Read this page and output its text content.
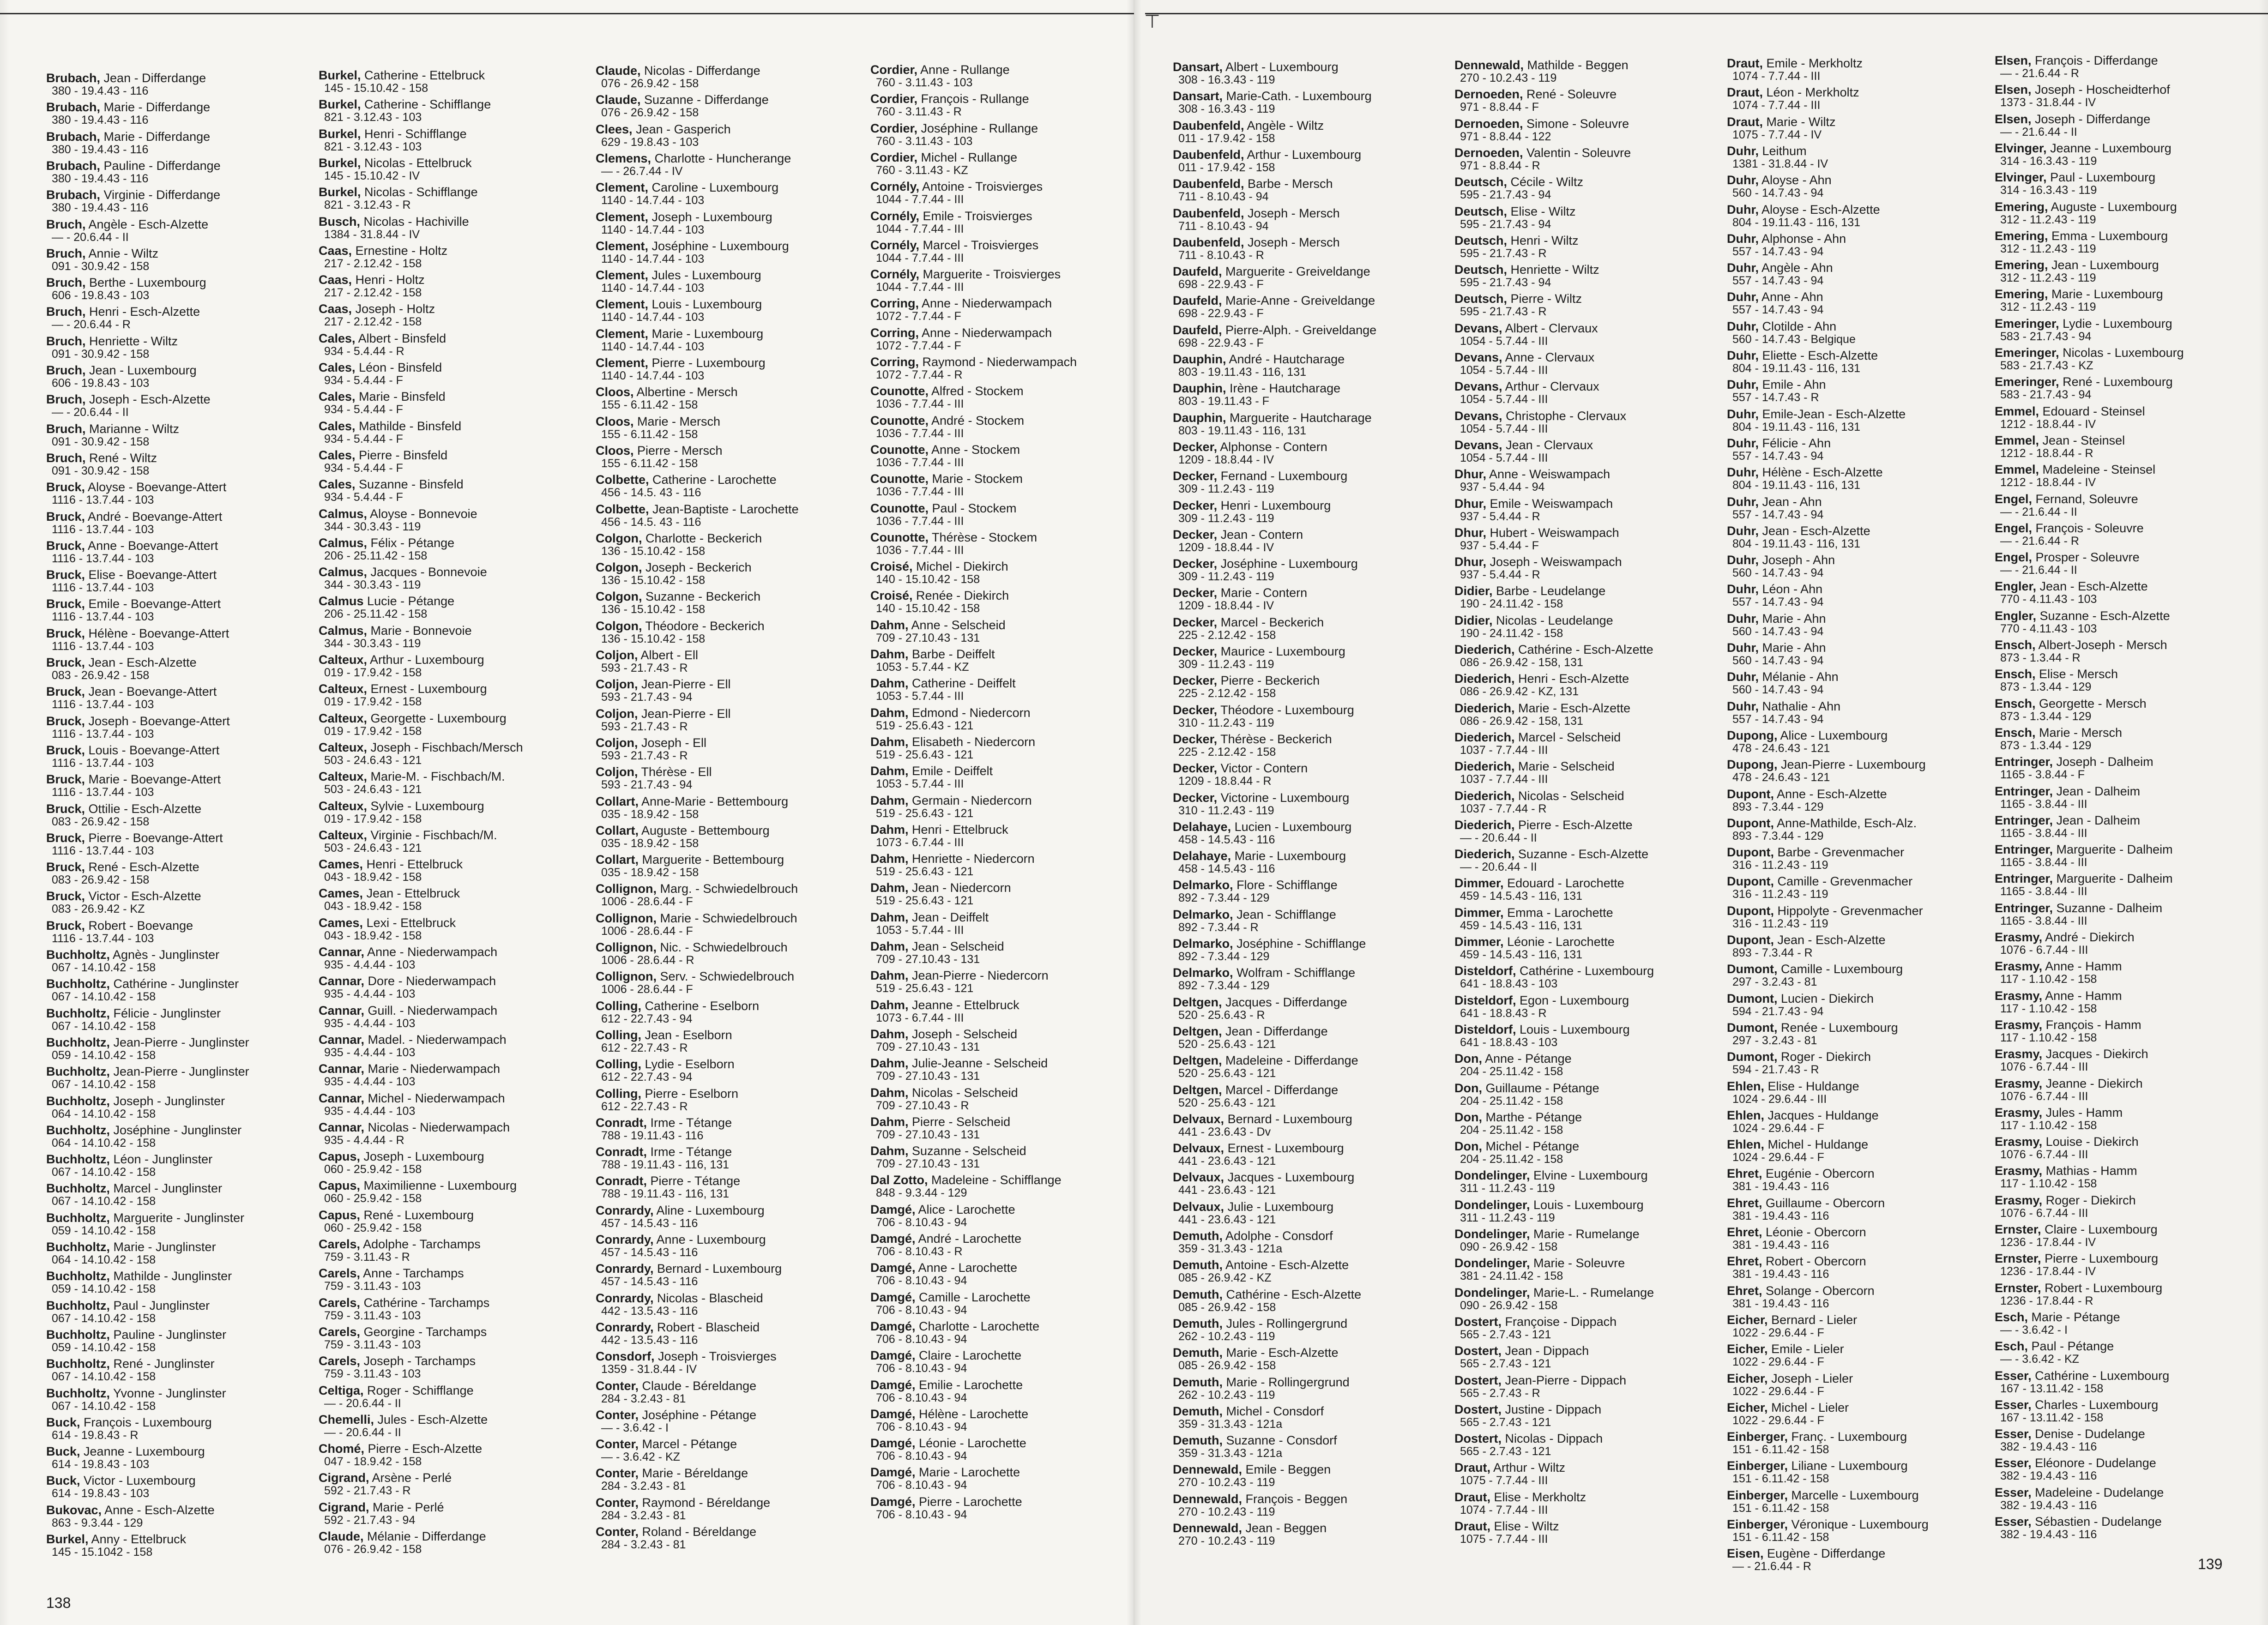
⊤
Brubach, Jean - Differdange
380 - 19.4.43 - 116
Brubach, Marie - Differdange
380 - 19.4.43 - 116
Brubach, Marie - Differdange
380 - 19.4.43 - 116
Brubach, Pauline - Differdange
380 - 19.4.43 - 116
Brubach, Virginie - Differdange
380 - 19.4.43 - 116
Bruch, Angèle - Esch-Alzette
— - 20.6.44 - II
Bruch, Annie - Wiltz
091 - 30.9.42 - 158
Bruch, Berthe - Luxembourg
606 - 19.8.43 - 103
Bruch, Henri - Esch-Alzette
— - 20.6.44 - R
Bruch, Henriette - Wiltz
091 - 30.9.42 - 158
Bruch, Jean - Luxembourg
606 - 19.8.43 - 103
Bruch, Joseph - Esch-Alzette
— - 20.6.44 - II
Bruch, Marianne - Wiltz
091 - 30.9.42 - 158
Bruch, René - Wiltz
091 - 30.9.42 - 158
Bruck, Aloyse - Boevange-Attert
1116 - 13.7.44 - 103
Bruck, André - Boevange-Attert
1116 - 13.7.44 - 103
Bruck, Anne - Boevange-Attert
1116 - 13.7.44 - 103
Bruck, Elise - Boevange-Attert
1116 - 13.7.44 - 103
Bruck, Emile - Boevange-Attert
1116 - 13.7.44 - 103
Bruck, Hélène - Boevange-Attert
1116 - 13.7.44 - 103
Bruck, Jean - Esch-Alzette
083 - 26.9.42 - 158
Bruck, Jean - Boevange-Attert
1116 - 13.7.44 - 103
Bruck, Joseph - Boevange-Attert
1116 - 13.7.44 - 103
Bruck, Louis - Boevange-Attert
1116 - 13.7.44 - 103
Bruck, Marie - Boevange-Attert
1116 - 13.7.44 - 103
Bruck, Ottilie - Esch-Alzette
083 - 26.9.42 - 158
Bruck, Pierre - Boevange-Attert
1116 - 13.7.44 - 103
Bruck, René - Esch-Alzette
083 - 26.9.42 - 158
Bruck, Victor - Esch-Alzette
083 - 26.9.42 - KZ
Bruck, Robert - Boevange
1116 - 13.7.44 - 103
Buchholtz, Agnès - Junglinster
067 - 14.10.42 - 158
Buchholtz, Cathérine - Junglinster
067 - 14.10.42 - 158
Buchholtz, Félicie - Junglinster
067 - 14.10.42 - 158
Buchholtz, Jean-Pierre - Junglinster
059 - 14.10.42 - 158
Buchholtz, Jean-Pierre - Junglinster
067 - 14.10.42 - 158
Buchholtz, Joseph - Junglinster
064 - 14.10.42 - 158
Buchholtz, Joséphine - Junglinster
064 - 14.10.42 - 158
Buchholtz, Léon - Junglinster
067 - 14.10.42 - 158
Buchholtz, Marcel - Junglinster
067 - 14.10.42 - 158
Buchholtz, Marguerite - Junglinster
059 - 14.10.42 - 158
Buchholtz, Marie - Junglinster
064 - 14.10.42 - 158
Buchholtz, Mathilde - Junglinster
059 - 14.10.42 - 158
Buchholtz, Paul - Junglinster
067 - 14.10.42 - 158
Buchholtz, Pauline - Junglinster
059 - 14.10.42 - 158
Buchholtz, René - Junglinster
067 - 14.10.42 - 158
Buchholtz, Yvonne - Junglinster
067 - 14.10.42 - 158
Buck, François - Luxembourg
614 - 19.8.43 - R
Buck, Jeanne - Luxembourg
614 - 19.8.43 - 103
Buck, Victor - Luxembourg
614 - 19.8.43 - 103
Bukovac, Anne - Esch-Alzette
863 - 9.3.44 - 129
Burkel, Anny - Ettelbruck
145 - 15.1042 - 158
Burkel, Catherine - Ettelbruck
145 - 15.10.42 - 158
Burkel, Catherine - Schifflange
821 - 3.12.43 - 103
Burkel, Henri - Schifflange
821 - 3.12.43 - 103
Burkel, Nicolas - Ettelbruck
145 - 15.10.42 - IV
Burkel, Nicolas - Schifflange
821 - 3.12.43 - R
Busch, Nicolas - Hachiville
1384 - 31.8.44 - IV
Caas, Ernestine - Holtz
217 - 2.12.42 - 158
Caas, Henri - Holtz
217 - 2.12.42 - 158
Caas, Joseph - Holtz
217 - 2.12.42 - 158
Cales, Albert - Binsfeld
934 - 5.4.44 - R
Cales, Léon - Binsfeld
934 - 5.4.44 - F
Cales, Marie - Binsfeld
934 - 5.4.44 - F
Cales, Mathilde - Binsfeld
934 - 5.4.44 - F
Cales, Pierre - Binsfeld
934 - 5.4.44 - F
Cales, Suzanne - Binsfeld
934 - 5.4.44 - F
Calmus, Aloyse - Bonnevoie
344 - 30.3.43 - 119
Calmus, Félix - Pétange
206 - 25.11.42 - 158
Calmus, Jacques - Bonnevoie
344 - 30.3.43 - 119
Calmus Lucie - Pétange
206 - 25.11.42 - 158
Calmus, Marie - Bonnevoie
344 - 30.3.43 - 119
Calteux, Arthur - Luxembourg
019 - 17.9.42 - 158
Calteux, Ernest - Luxembourg
019 - 17.9.42 - 158
Calteux, Georgette - Luxembourg
019 - 17.9.42 - 158
Calteux, Joseph - Fischbach/Mersch
503 - 24.6.43 - 121
Calteux, Marie-M. - Fischbach/M.
503 - 24.6.43 - 121
Calteux, Sylvie - Luxembourg
019 - 17.9.42 - 158
Calteux, Virginie - Fischbach/M.
503 - 24.6.43 - 121
Cames, Henri - Ettelbruck
043 - 18.9.42 - 158
Cames, Jean - Ettelbruck
043 - 18.9.42 - 158
Cames, Lexi - Ettelbruck
043 - 18.9.42 - 158
Cannar, Anne - Niederwampach
935 - 4.4.44 - 103
Cannar, Dore - Niederwampach
935 - 4.4.44 - 103
Cannar, Guill. - Niederwampach
935 - 4.4.44 - 103
Cannar, Madel. - Niederwampach
935 - 4.4.44 - 103
Cannar, Marie - Niederwampach
935 - 4.4.44 - 103
Cannar, Michel - Niederwampach
935 - 4.4.44 - 103
Cannar, Nicolas - Niederwampach
935 - 4.4.44 - R
Capus, Joseph - Luxembourg
060 - 25.9.42 - 158
Capus, Maximilienne - Luxembourg
060 - 25.9.42 - 158
Capus, René - Luxembourg
060 - 25.9.42 - 158
Carels, Adolphe - Tarchamps
759 - 3.11.43 - R
Carels, Anne - Tarchamps
759 - 3.11.43 - 103
Carels, Cathérine - Tarchamps
759 - 3.11.43 - 103
Carels, Georgine - Tarchamps
759 - 3.11.43 - 103
Carels, Joseph - Tarchamps
759 - 3.11.43 - 103
Celtiga, Roger - Schifflange
— - 20.6.44 - II
Chemelli, Jules - Esch-Alzette
— - 20.6.44 - II
Chomé, Pierre - Esch-Alzette
047 - 18.9.42 - 158
Cigrand, Arsène - Perlé
592 - 21.7.43 - R
Cigrand, Marie - Perlé
592 - 21.7.43 - 94
Claude, Mélanie - Differdange
076 - 26.9.42 - 158
Claude, Nicolas - Differdange
076 - 26.9.42 - 158
Claude, Suzanne - Differdange
076 - 26.9.42 - 158
Clees, Jean - Gasperich
629 - 19.8.43 - 103
Clemens, Charlotte - Huncherange
— - 26.7.44 - IV
Clement, Caroline - Luxembourg
1140 - 14.7.44 - 103
Clement, Joseph - Luxembourg
1140 - 14.7.44 - 103
Clement, Joséphine - Luxembourg
1140 - 14.7.44 - 103
Clement, Jules - Luxembourg
1140 - 14.7.44 - 103
Clement, Louis - Luxembourg
1140 - 14.7.44 - 103
Clement, Marie - Luxembourg
1140 - 14.7.44 - 103
Clement, Pierre - Luxembourg
1140 - 14.7.44 - 103
Cloos, Albertine - Mersch
155 - 6.11.42 - 158
Cloos, Marie - Mersch
155 - 6.11.42 - 158
Cloos, Pierre - Mersch
155 - 6.11.42 - 158
Colbette, Catherine - Larochette
456 - 14.5. 43 - 116
Colbette, Jean-Baptiste - Larochette
456 - 14.5. 43 - 116
Colgon, Charlotte - Beckerich
136 - 15.10.42 - 158
Colgon, Joseph - Beckerich
136 - 15.10.42 - 158
Colgon, Suzanne - Beckerich
136 - 15.10.42 - 158
Colgon, Théodore - Beckerich
136 - 15.10.42 - 158
Coljon, Albert - Ell
593 - 21.7.43 - R
Coljon, Jean-Pierre - Ell
593 - 21.7.43 - 94
Coljon, Jean-Pierre - Ell
593 - 21.7.43 - R
Coljon, Joseph - Ell
593 - 21.7.43 - R
Coljon, Thérèse - Ell
593 - 21.7.43 - 94
Collart, Anne-Marie - Bettembourg
035 - 18.9.42 - 158
Collart, Auguste - Bettembourg
035 - 18.9.42 - 158
Collart, Marguerite - Bettembourg
035 - 18.9.42 - 158
Collignon, Marg. - Schwiedelbrouch
1006 - 28.6.44 - F
Collignon, Marie - Schwiedelbrouch
1006 - 28.6.44 - F
Collignon, Nic. - Schwiedelbrouch
1006 - 28.6.44 - R
Collignon, Serv. - Schwiedelbrouch
1006 - 28.6.44 - F
Colling, Catherine - Eselborn
612 - 22.7.43 - 94
Colling, Jean - Eselborn
612 - 22.7.43 - R
Colling, Lydie - Eselborn
612 - 22.7.43 - 94
Colling, Pierre - Eselborn
612 - 22.7.43 - R
Conradt, Irme - Tétange
788 - 19.11.43 - 116
Conradt, Irme - Tétange
788 - 19.11.43 - 116, 131
Conradt, Pierre - Tétange
788 - 19.11.43 - 116, 131
Conrardy, Aline - Luxembourg
457 - 14.5.43 - 116
Conrardy, Anne - Luxembourg
457 - 14.5.43 - 116
Conrardy, Bernard - Luxembourg
457 - 14.5.43 - 116
Conrardy, Nicolas - Blascheid
442 - 13.5.43 - 116
Conrardy, Robert - Blascheid
442 - 13.5.43 - 116
Consdorf, Joseph - Troisvierges
1359 - 31.8.44 - IV
Conter, Claude - Béreldange
284 - 3.2.43 - 81
Conter, Joséphine - Pétange
— - 3.6.42 - I
Conter, Marcel - Pétange
— - 3.6.42 - KZ
Conter, Marie - Béreldange
284 - 3.2.43 - 81
Conter, Raymond - Béreldange
284 - 3.2.43 - 81
Conter, Roland - Béreldange
284 - 3.2.43 - 81
Cordier, Anne - Rullange
760 - 3.11.43 - 103
Cordier, François - Rullange
760 - 3.11.43 - R
Cordier, Joséphine - Rullange
760 - 3.11.43 - 103
Cordier, Michel - Rullange
760 - 3.11.43 - KZ
Cornély, Antoine - Troisvierges
1044 - 7.7.44 - III
Cornély, Emile - Troisvierges
1044 - 7.7.44 - III
Cornély, Marcel - Troisvierges
1044 - 7.7.44 - III
Cornély, Marguerite - Troisvierges
1044 - 7.7.44 - III
Corring, Anne - Niederwampach
1072 - 7.7.44 - F
Corring, Anne - Niederwampach
1072 - 7.7.44 - F
Corring, Raymond - Niederwampach
1072 - 7.7.44 - R
Counotte, Alfred - Stockem
1036 - 7.7.44 - III
Counotte, André - Stockem
1036 - 7.7.44 - III
Counotte, Anne - Stockem
1036 - 7.7.44 - III
Counotte, Marie - Stockem
1036 - 7.7.44 - III
Counotte, Paul - Stockem
1036 - 7.7.44 - III
Counotte, Thérèse - Stockem
1036 - 7.7.44 - III
Croisé, Michel - Diekirch
140 - 15.10.42 - 158
Croisé, Renée - Diekirch
140 - 15.10.42 - 158
Dahm, Anne - Selscheid
709 - 27.10.43 - 131
Dahm, Barbe - Deiffelt
1053 - 5.7.44 - KZ
Dahm, Catherine - Deiffelt
1053 - 5.7.44 - III
Dahm, Edmond - Niedercorn
519 - 25.6.43 - 121
Dahm, Elisabeth - Niedercorn
519 - 25.6.43 - 121
Dahm, Emile - Deiffelt
1053 - 5.7.44 - III
Dahm, Germain - Niedercorn
519 - 25.6.43 - 121
Dahm, Henri - Ettelbruck
1073 - 6.7.44 - III
Dahm, Henriette - Niedercorn
519 - 25.6.43 - 121
Dahm, Jean - Niedercorn
519 - 25.6.43 - 121
Dahm, Jean - Deiffelt
1053 - 5.7.44 - III
Dahm, Jean - Selscheid
709 - 27.10.43 - 131
Dahm, Jean-Pierre - Niedercorn
519 - 25.6.43 - 121
Dahm, Jeanne - Ettelbruck
1073 - 6.7.44 - III
Dahm, Joseph - Selscheid
709 - 27.10.43 - 131
Dahm, Julie-Jeanne - Selscheid
709 - 27.10.43 - 131
Dahm, Nicolas - Selscheid
709 - 27.10.43 - R
Dahm, Pierre - Selscheid
709 - 27.10.43 - 131
Dahm, Suzanne - Selscheid
709 - 27.10.43 - 131
Dal Zotto, Madeleine - Schifflange
848 - 9.3.44 - 129
Damgé, Alice - Larochette
706 - 8.10.43 - 94
Damgé, André - Larochette
706 - 8.10.43 - R
Damgé, Anne - Larochette
706 - 8.10.43 - 94
Damgé, Camille - Larochette
706 - 8.10.43 - 94
Damgé, Charlotte - Larochette
706 - 8.10.43 - 94
Damgé, Claire - Larochette
706 - 8.10.43 - 94
Damgé, Emilie - Larochette
706 - 8.10.43 - 94
Damgé, Hélène - Larochette
706 - 8.10.43 - 94
Damgé, Léonie - Larochette
706 - 8.10.43 - 94
Damgé, Marie - Larochette
706 - 8.10.43 - 94
Damgé, Pierre - Larochette
706 - 8.10.43 - 94
Dansart, Albert - Luxembourg
308 - 16.3.43 - 119
Dansart, Marie-Cath. - Luxembourg
308 - 16.3.43 - 119
Daubenfeld, Angèle - Wiltz
011 - 17.9.42 - 158
Daubenfeld, Arthur - Luxembourg
011 - 17.9.42 - 158
Daubenfeld, Barbe - Mersch
711 - 8.10.43 - 94
Daubenfeld, Joseph - Mersch
711 - 8.10.43 - 94
Daubenfeld, Joseph - Mersch
711 - 8.10.43 - R
Daufeld, Marguerite - Greiveldange
698 - 22.9.43 - F
Daufeld, Marie-Anne - Greiveldange
698 - 22.9.43 - F
Daufeld, Pierre-Alph. - Greiveldange
698 - 22.9.43 - F
Dauphin, André - Hautcharage
803 - 19.11.43 - 116, 131
Dauphin, Irène - Hautcharage
803 - 19.11.43 - F
Dauphin, Marguerite - Hautcharage
803 - 19.11.43 - 116, 131
Decker, Alphonse - Contern
1209 - 18.8.44 - IV
Decker, Fernand - Luxembourg
309 - 11.2.43 - 119
Decker, Henri - Luxembourg
309 - 11.2.43 - 119
Decker, Jean - Contern
1209 - 18.8.44 - IV
Decker, Joséphine - Luxembourg
309 - 11.2.43 - 119
Decker, Marie - Contern
1209 - 18.8.44 - IV
Decker, Marcel - Beckerich
225 - 2.12.42 - 158
Decker, Maurice - Luxembourg
309 - 11.2.43 - 119
Decker, Pierre - Beckerich
225 - 2.12.42 - 158
Decker, Théodore - Luxembourg
310 - 11.2.43 - 119
Decker, Thérèse - Beckerich
225 - 2.12.42 - 158
Decker, Victor - Contern
1209 - 18.8.44 - R
Decker, Victorine - Luxembourg
310 - 11.2.43 - 119
Delahaye, Lucien - Luxembourg
458 - 14.5.43 - 116
Delahaye, Marie - Luxembourg
458 - 14.5.43 - 116
Delmarko, Flore - Schifflange
892 - 7.3.44 - 129
Delmarko, Jean - Schifflange
892 - 7.3.44 - R
Delmarko, Joséphine - Schifflange
892 - 7.3.44 - 129
Delmarko, Wolfram - Schifflange
892 - 7.3.44 - 129
Deltgen, Jacques - Differdange
520 - 25.6.43 - R
Deltgen, Jean - Differdange
520 - 25.6.43 - 121
Deltgen, Madeleine - Differdange
520 - 25.6.43 - 121
Deltgen, Marcel - Differdange
520 - 25.6.43 - 121
Delvaux, Bernard - Luxembourg
441 - 23.6.43 - Dv
Delvaux, Ernest - Luxembourg
441 - 23.6.43 - 121
Delvaux, Jacques - Luxembourg
441 - 23.6.43 - 121
Delvaux, Julie - Luxembourg
441 - 23.6.43 - 121
Demuth, Adolphe - Consdorf
359 - 31.3.43 - 121a
Demuth, Antoine - Esch-Alzette
085 - 26.9.42 - KZ
Demuth, Cathérine - Esch-Alzette
085 - 26.9.42 - 158
Demuth, Jules - Rollingergrund
262 - 10.2.43 - 119
Demuth, Marie - Esch-Alzette
085 - 26.9.42 - 158
Demuth, Marie - Rollingergrund
262 - 10.2.43 - 119
Demuth, Michel - Consdorf
359 - 31.3.43 - 121a
Demuth, Suzanne - Consdorf
359 - 31.3.43 - 121a
Dennewald, Emile - Beggen
270 - 10.2.43 - 119
Dennewald, François - Beggen
270 - 10.2.43 - 119
Dennewald, Jean - Beggen
270 - 10.2.43 - 119
Dennewald, Mathilde - Beggen
270 - 10.2.43 - 119
Dernoeden, René - Soleuvre
971 - 8.8.44 - F
Dernoeden, Simone - Soleuvre
971 - 8.8.44 - 122
Dernoeden, Valentin - Soleuvre
971 - 8.8.44 - R
Deutsch, Cécile - Wiltz
595 - 21.7.43 - 94
Deutsch, Elise - Wiltz
595 - 21.7.43 - 94
Deutsch, Henri - Wiltz
595 - 21.7.43 - R
Deutsch, Henriette - Wiltz
595 - 21.7.43 - 94
Deutsch, Pierre - Wiltz
595 - 21.7.43 - R
Devans, Albert - Clervaux
1054 - 5.7.44 - III
Devans, Anne - Clervaux
1054 - 5.7.44 - III
Devans, Arthur - Clervaux
1054 - 5.7.44 - III
Devans, Christophe - Clervaux
1054 - 5.7.44 - III
Devans, Jean - Clervaux
1054 - 5.7.44 - III
Dhur, Anne - Weiswampach
937 - 5.4.44 - 94
Dhur, Emile - Weiswampach
937 - 5.4.44 - R
Dhur, Hubert - Weiswampach
937 - 5.4.44 - F
Dhur, Joseph - Weiswampach
937 - 5.4.44 - R
Didier, Barbe - Leudelange
190 - 24.11.42 - 158
Didier, Nicolas - Leudelange
190 - 24.11.42 - 158
Diederich, Cathérine - Esch-Alzette
086 - 26.9.42 - 158, 131
Diederich, Henri - Esch-Alzette
086 - 26.9.42 - KZ, 131
Diederich, Marie - Esch-Alzette
086 - 26.9.42 - 158, 131
Diederich, Marcel - Selscheid
1037 - 7.7.44 - III
Diederich, Marie - Selscheid
1037 - 7.7.44 - III
Diederich, Nicolas - Selscheid
1037 - 7.7.44 - R
Diederich, Pierre - Esch-Alzette
— - 20.6.44 - II
Diederich, Suzanne - Esch-Alzette
— - 20.6.44 - II
Dimmer, Edouard - Larochette
459 - 14.5.43 - 116, 131
Dimmer, Emma - Larochette
459 - 14.5.43 - 116, 131
Dimmer, Léonie - Larochette
459 - 14.5.43 - 116, 131
Disteldorf, Cathérine - Luxembourg
641 - 18.8.43 - 103
Disteldorf, Egon - Luxembourg
641 - 18.8.43 - R
Disteldorf, Louis - Luxembourg
641 - 18.8.43 - 103
Don, Anne - Pétange
204 - 25.11.42 - 158
Don, Guillaume - Pétange
204 - 25.11.42 - 158
Don, Marthe - Pétange
204 - 25.11.42 - 158
Don, Michel - Pétange
204 - 25.11.42 - 158
Dondelinger, Elvine - Luxembourg
311 - 11.2.43 - 119
Dondelinger, Louis - Luxembourg
311 - 11.2.43 - 119
Dondelinger, Marie - Rumelange
090 - 26.9.42 - 158
Dondelinger, Marie - Soleuvre
381 - 24.11.42 - 158
Dondelinger, Marie-L. - Rumelange
090 - 26.9.42 - 158
Dostert, Françoise - Dippach
565 - 2.7.43 - 121
Dostert, Jean - Dippach
565 - 2.7.43 - 121
Dostert, Jean-Pierre - Dippach
565 - 2.7.43 - R
Dostert, Justine - Dippach
565 - 2.7.43 - 121
Dostert, Nicolas - Dippach
565 - 2.7.43 - 121
Draut, Arthur - Wiltz
1075 - 7.7.44 - III
Draut, Elise - Merkholtz
1074 - 7.7.44 - III
Draut, Elise - Wiltz
1075 - 7.7.44 - III
Draut, Emile - Merkholtz
1074 - 7.7.44 - III
Draut, Léon - Merkholtz
1074 - 7.7.44 - III
Draut, Marie - Wiltz
1075 - 7.7.44 - IV
Duhr, Leithum
1381 - 31.8.44 - IV
Duhr, Aloyse - Ahn
560 - 14.7.43 - 94
Duhr, Aloyse - Esch-Alzette
804 - 19.11.43 - 116, 131
Duhr, Alphonse - Ahn
557 - 14.7.43 - 94
Duhr, Angèle - Ahn
557 - 14.7.43 - 94
Duhr, Anne - Ahn
557 - 14.7.43 - 94
Duhr, Clotilde - Ahn
560 - 14.7.43 - Belgique
Duhr, Eliette - Esch-Alzette
804 - 19.11.43 - 116, 131
Duhr, Emile - Ahn
557 - 14.7.43 - R
Duhr, Emile-Jean - Esch-Alzette
804 - 19.11.43 - 116, 131
Duhr, Félicie - Ahn
557 - 14.7.43 - 94
Duhr, Hélène - Esch-Alzette
804 - 19.11.43 - 116, 131
Duhr, Jean - Ahn
557 - 14.7.43 - 94
Duhr, Jean - Esch-Alzette
804 - 19.11.43 - 116, 131
Duhr, Joseph - Ahn
560 - 14.7.43 - 94
Duhr, Léon - Ahn
557 - 14.7.43 - 94
Duhr, Marie - Ahn
560 - 14.7.43 - 94
Duhr, Marie - Ahn
560 - 14.7.43 - 94
Duhr, Mélanie - Ahn
560 - 14.7.43 - 94
Duhr, Nathalie - Ahn
557 - 14.7.43 - 94
Dupong, Alice - Luxembourg
478 - 24.6.43 - 121
Dupong, Jean-Pierre - Luxembourg
478 - 24.6.43 - 121
Dupont, Anne - Esch-Alzette
893 - 7.3.44 - 129
Dupont, Anne-Mathilde, Esch-Alz.
893 - 7.3.44 - 129
Dupont, Barbe - Grevenmacher
316 - 11.2.43 - 119
Dupont, Camille - Grevenmacher
316 - 11.2.43 - 119
Dupont, Hippolyte - Grevenmacher
316 - 11.2.43 - 119
Dupont, Jean - Esch-Alzette
893 - 7.3.44 - R
Dumont, Camille - Luxembourg
297 - 3.2.43 - 81
Dumont, Lucien - Diekirch
594 - 21.7.43 - 94
Dumont, Renée - Luxembourg
297 - 3.2.43 - 81
Dumont, Roger - Diekirch
594 - 21.7.43 - R
Ehlen, Elise - Huldange
1024 - 29.6.44 - III
Ehlen, Jacques - Huldange
1024 - 29.6.44 - F
Ehlen, Michel - Huldange
1024 - 29.6.44 - F
Ehret, Eugénie - Obercorn
381 - 19.4.43 - 116
Ehret, Guillaume - Obercorn
381 - 19.4.43 - 116
Ehret, Léonie - Obercorn
381 - 19.4.43 - 116
Ehret, Robert - Obercorn
381 - 19.4.43 - 116
Ehret, Solange - Obercorn
381 - 19.4.43 - 116
Eicher, Bernard - Lieler
1022 - 29.6.44 - F
Eicher, Emile - Lieler
1022 - 29.6.44 - F
Eicher, Joseph - Lieler
1022 - 29.6.44 - F
Eicher, Michel - Lieler
1022 - 29.6.44 - F
Einberger, Franç. - Luxembourg
151 - 6.11.42 - 158
Einberger, Liliane - Luxembourg
151 - 6.11.42 - 158
Einberger, Marcelle - Luxembourg
151 - 6.11.42 - 158
Einberger, Véronique - Luxembourg
151 - 6.11.42 - 158
Eisen, Eugène - Differdange
— - 21.6.44 - R
Elsen, François - Differdange
— - 21.6.44 - R
Elsen, Joseph - Hoscheidterhof
1373 - 31.8.44 - IV
Elsen, Joseph - Differdange
— - 21.6.44 - II
Elvinger, Jeanne - Luxembourg
314 - 16.3.43 - 119
Elvinger, Paul - Luxembourg
314 - 16.3.43 - 119
Emering, Auguste - Luxembourg
312 - 11.2.43 - 119
Emering, Emma - Luxembourg
312 - 11.2.43 - 119
Emering, Jean - Luxembourg
312 - 11.2.43 - 119
Emering, Marie - Luxembourg
312 - 11.2.43 - 119
Emeringer, Lydie - Luxembourg
583 - 21.7.43 - 94
Emeringer, Nicolas - Luxembourg
583 - 21.7.43 - KZ
Emeringer, René - Luxembourg
583 - 21.7.43 - 94
Emmel, Edouard - Steinsel
1212 - 18.8.44 - IV
Emmel, Jean - Steinsel
1212 - 18.8.44 - R
Emmel, Madeleine - Steinsel
1212 - 18.8.44 - IV
Engel, Fernand, Soleuvre
— - 21.6.44 - II
Engel, François - Soleuvre
— - 21.6.44 - R
Engel, Prosper - Soleuvre
— - 21.6.44 - II
Engler, Jean - Esch-Alzette
770 - 4.11.43 - 103
Engler, Suzanne - Esch-Alzette
770 - 4.11.43 - 103
Ensch, Albert-Joseph - Mersch
873 - 1.3.44 - R
Ensch, Elise - Mersch
873 - 1.3.44 - 129
Ensch, Georgette - Mersch
873 - 1.3.44 - 129
Ensch, Marie - Mersch
873 - 1.3.44 - 129
Entringer, Joseph - Dalheim
1165 - 3.8.44 - F
Entringer, Jean - Dalheim
1165 - 3.8.44 - III
Entringer, Jean - Dalheim
1165 - 3.8.44 - III
Entringer, Marguerite - Dalheim
1165 - 3.8.44 - III
Entringer, Marguerite - Dalheim
1165 - 3.8.44 - III
Entringer, Suzanne - Dalheim
1165 - 3.8.44 - III
Erasmy, André - Diekirch
1076 - 6.7.44 - III
Erasmy, Anne - Hamm
117 - 1.10.42 - 158
Erasmy, Anne - Hamm
117 - 1.10.42 - 158
Erasmy, François - Hamm
117 - 1.10.42 - 158
Erasmy, Jacques - Diekirch
1076 - 6.7.44 - III
Erasmy, Jeanne - Diekirch
1076 - 6.7.44 - III
Erasmy, Jules - Hamm
117 - 1.10.42 - 158
Erasmy, Louise - Diekirch
1076 - 6.7.44 - III
Erasmy, Mathias - Hamm
117 - 1.10.42 - 158
Erasmy, Roger - Diekirch
1076 - 6.7.44 - III
Ernster, Claire - Luxembourg
1236 - 17.8.44 - IV
Ernster, Pierre - Luxembourg
1236 - 17.8.44 - IV
Ernster, Robert - Luxembourg
1236 - 17.8.44 - R
Esch, Marie - Pétange
— - 3.6.42 - I
Esch, Paul - Pétange
— - 3.6.42 - KZ
Esser, Cathérine - Luxembourg
167 - 13.11.42 - 158
Esser, Charles - Luxembourg
167 - 13.11.42 - 158
Esser, Denise - Dudelange
382 - 19.4.43 - 116
Esser, Eléonore - Dudelange
382 - 19.4.43 - 116
Esser, Madeleine - Dudelange
382 - 19.4.43 - 116
Esser, Sébastien - Dudelange
382 - 19.4.43 - 116
138
139
